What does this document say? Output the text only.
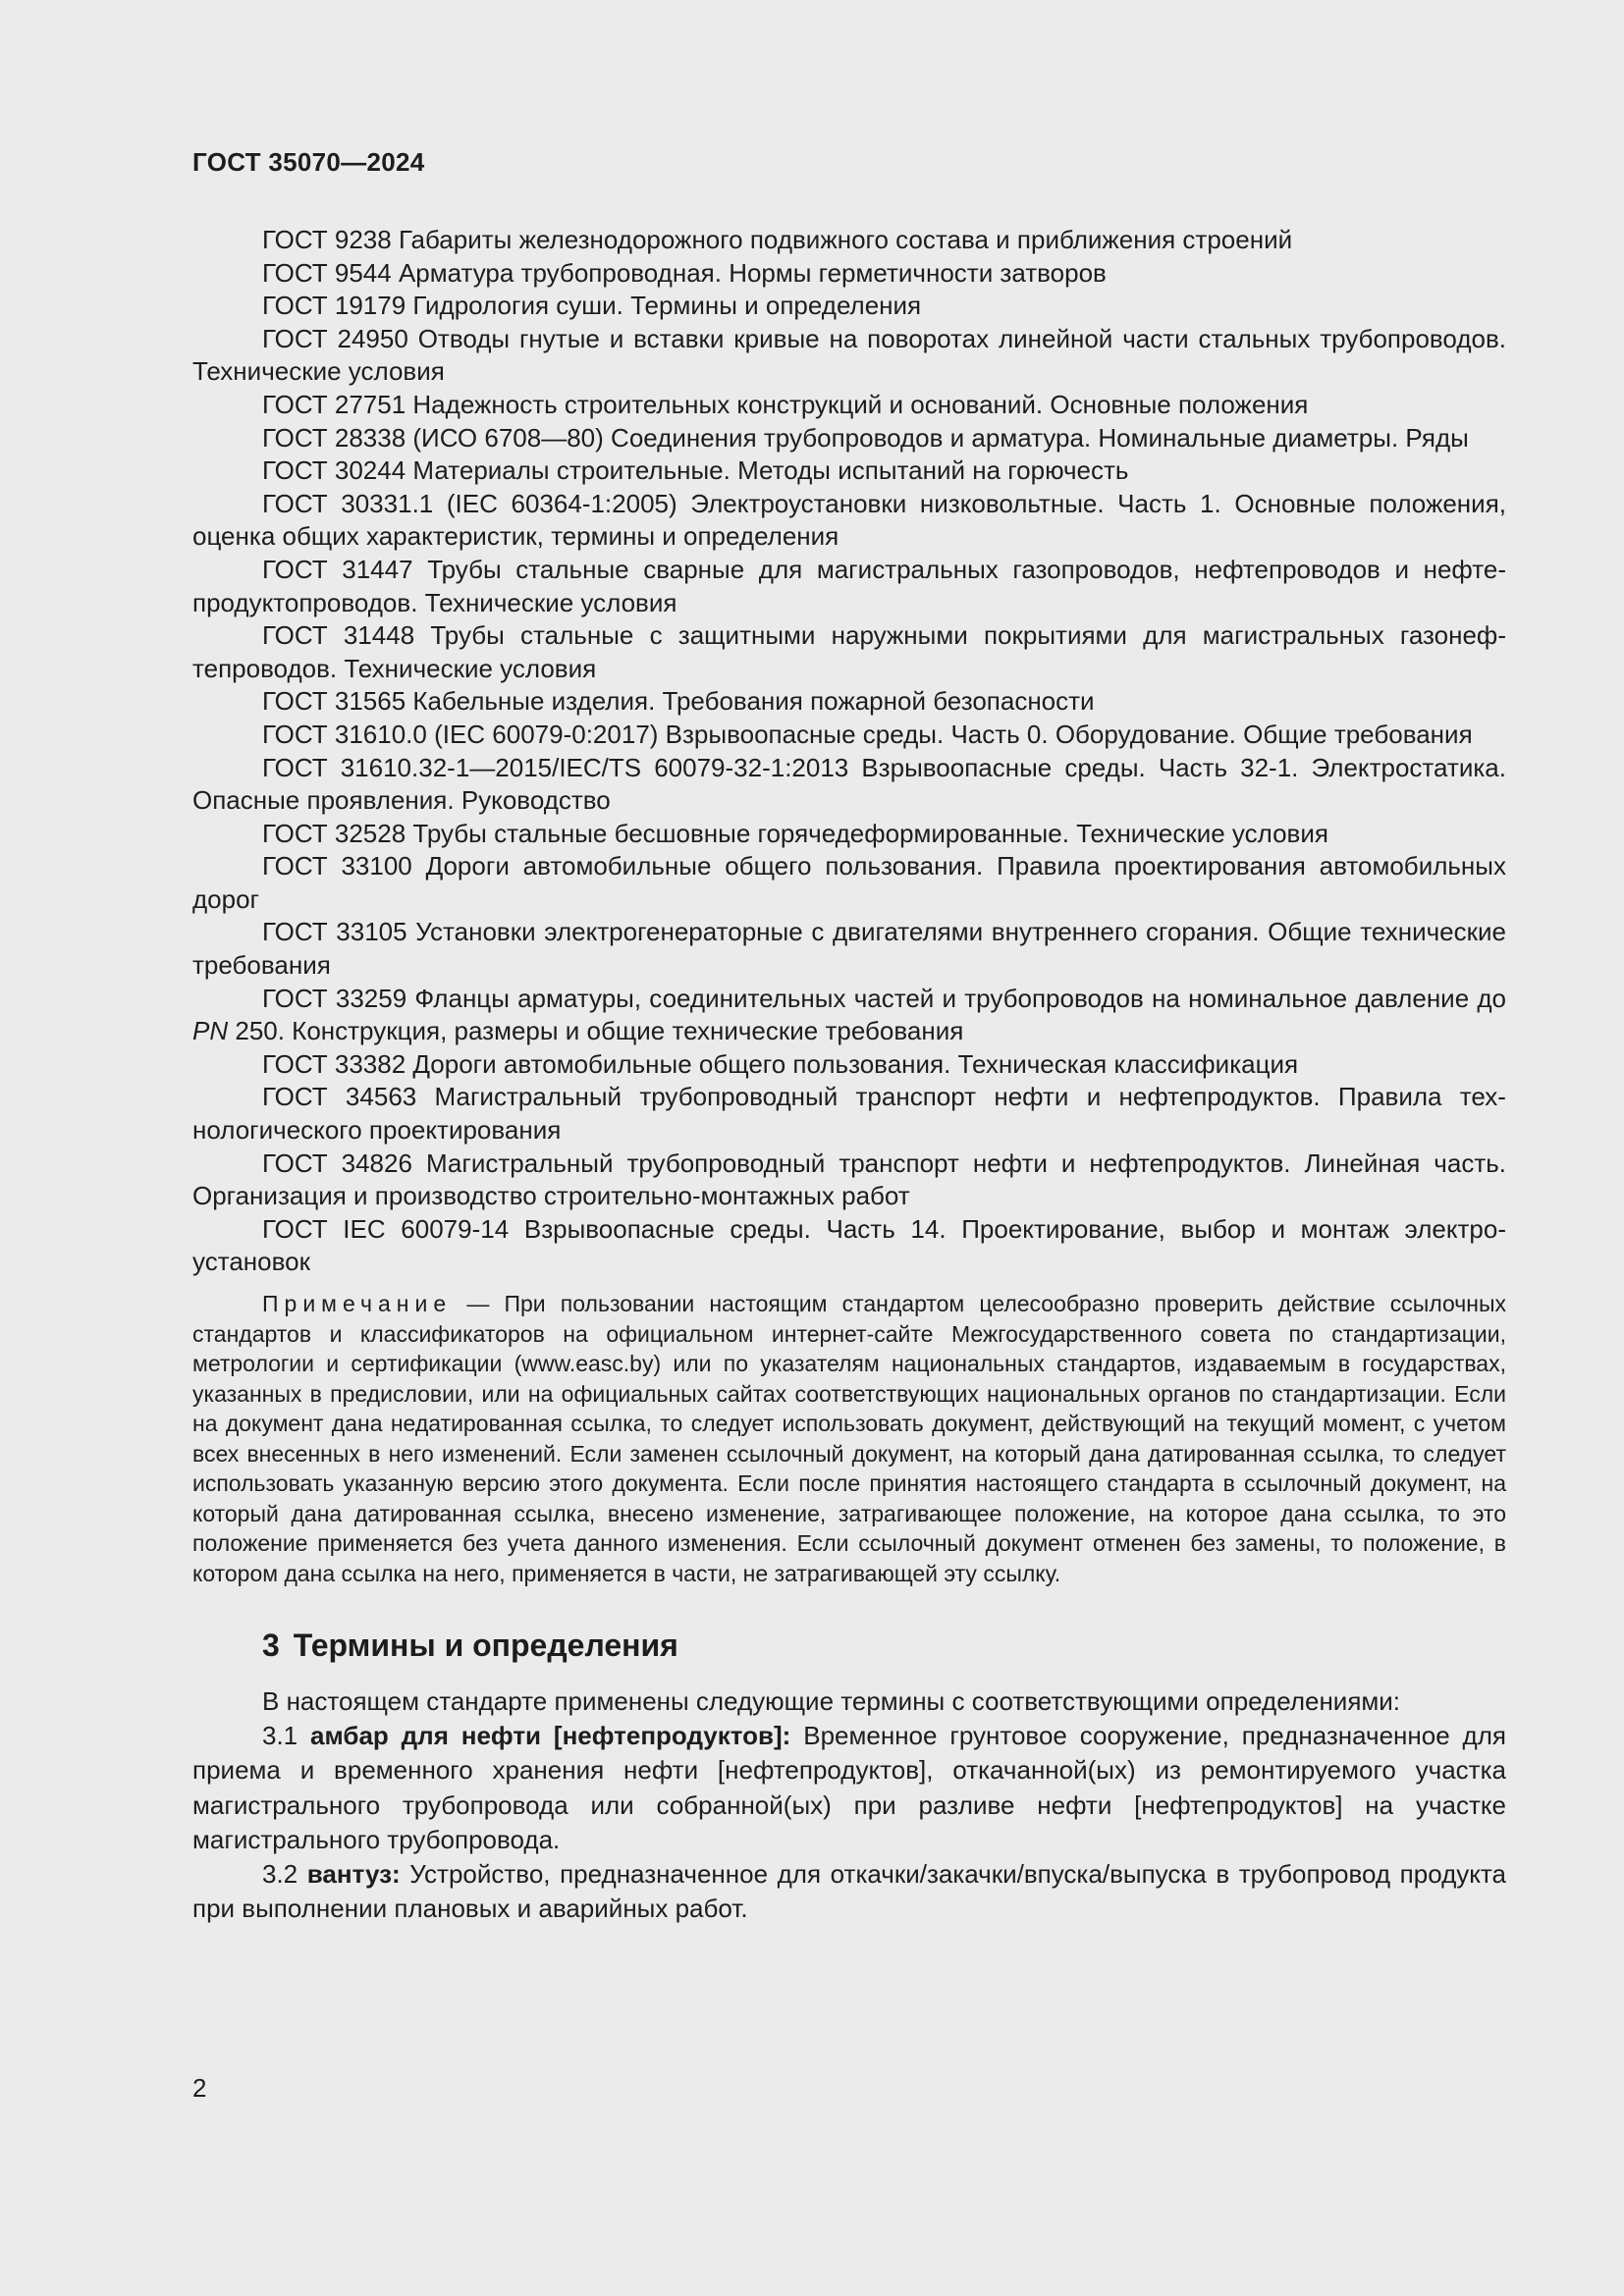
ГОСТ 35070—2024

ГОСТ 9238 Габариты железнодорожного подвижного состава и приближения строений

ГОСТ 9544 Арматура трубопроводная. Нормы герметичности затворов

ГОСТ 19179 Гидрология суши. Термины и определения

ГОСТ 24950 Отводы гнутые и вставки кривые на поворотах линейной части стальных трубопроводов. Технические условия

ГОСТ 27751 Надежность строительных конструкций и оснований. Основные положения

ГОСТ 28338 (ИСО 6708—80) Соединения трубопроводов и арматура. Номинальные диаметры. Ряды

ГОСТ 30244 Материалы строительные. Методы испытаний на горючесть

ГОСТ 30331.1 (IEC 60364-1:2005) Электроустановки низковольтные. Часть 1. Основные положения, оценка общих характеристик, термины и определения

ГОСТ 31447 Трубы стальные сварные для магистральных газопроводов, нефтепроводов и нефтепродуктопроводов. Технические условия

ГОСТ 31448 Трубы стальные с защитными наружными покрытиями для магистральных газонефтепроводов. Технические условия

ГОСТ 31565 Кабельные изделия. Требования пожарной безопасности

ГОСТ 31610.0 (IEC 60079-0:2017) Взрывоопасные среды. Часть 0. Оборудование. Общие требования

ГОСТ 31610.32-1—2015/IEC/TS 60079-32-1:2013 Взрывоопасные среды. Часть 32-1. Электростатика. Опасные проявления. Руководство

ГОСТ 32528 Трубы стальные бесшовные горячедеформированные. Технические условия

ГОСТ 33100 Дороги автомобильные общего пользования. Правила проектирования автомобильных дорог

ГОСТ 33105 Установки электрогенераторные с двигателями внутреннего сгорания. Общие технические требования

ГОСТ 33259 Фланцы арматуры, соединительных частей и трубопроводов на номинальное давление до PN 250. Конструкция, размеры и общие технические требования

ГОСТ 33382 Дороги автомобильные общего пользования. Техническая классификация

ГОСТ 34563 Магистральный трубопроводный транспорт нефти и нефтепродуктов. Правила технологического проектирования

ГОСТ 34826 Магистральный трубопроводный транспорт нефти и нефтепродуктов. Линейная часть. Организация и производство строительно-монтажных работ

ГОСТ IEC 60079-14 Взрывоопасные среды. Часть 14. Проектирование, выбор и монтаж электроустановок

Примечание — При пользовании настоящим стандартом целесообразно проверить действие ссылочных стандартов и классификаторов на официальном интернет-сайте Межгосударственного совета по стандартизации, метрологии и сертификации (www.easc.by) или по указателям национальных стандартов, издаваемым в государствах, указанных в предисловии, или на официальных сайтах соответствующих национальных органов по стандартизации. Если на документ дана недатированная ссылка, то следует использовать документ, действующий на текущий момент, с учетом всех внесенных в него изменений. Если заменен ссылочный документ, на который дана датированная ссылка, то следует использовать указанную версию этого документа. Если после принятия настоящего стандарта в ссылочный документ, на который дана датированная ссылка, внесено изменение, затрагивающее положение, на которое дана ссылка, то это положение применяется без учета данного изменения. Если ссылочный документ отменен без замены, то положение, в котором дана ссылка на него, применяется в части, не затрагивающей эту ссылку.
3 Термины и определения

В настоящем стандарте применены следующие термины с соответствующими определениями:

3.1 амбар для нефти [нефтепродуктов]: Временное грунтовое сооружение, предназначенное для приема и временного хранения нефти [нефтепродуктов], откачанной(ых) из ремонтируемого участка магистрального трубопровода или собранной(ых) при разливе нефти [нефтепродуктов] на участке магистрального трубопровода.

3.2 вантуз: Устройство, предназначенное для откачки/закачки/впуска/выпуска в трубопровод продукта при выполнении плановых и аварийных работ.

2
